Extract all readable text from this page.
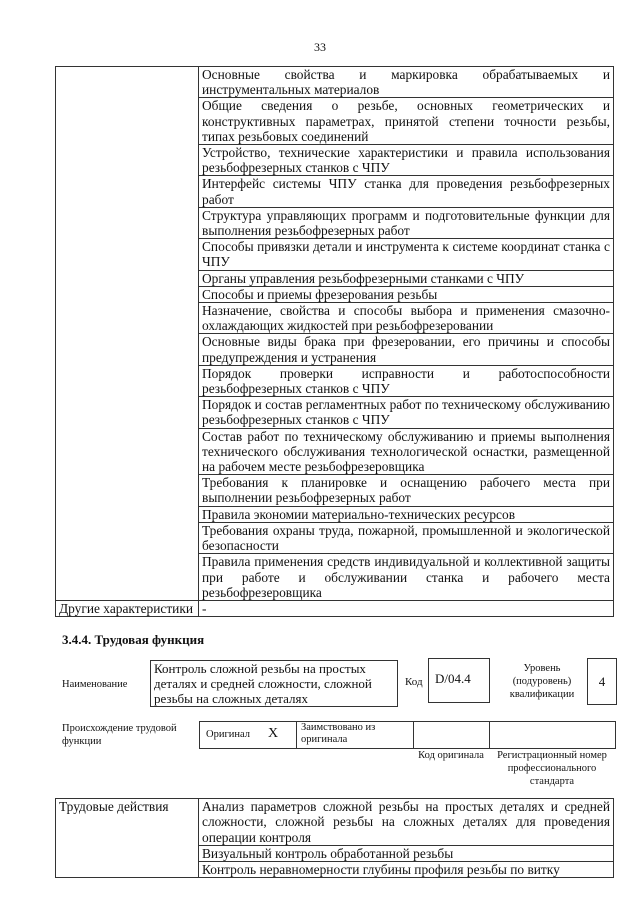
33
	Основные свойства и маркировка обрабатываемых и инструментальных материалов
	Общие сведения о резьбе, основных геометрических и конструктивных параметрах, принятой степени точности резьбы, типах резьбовых соединений
	Устройство, технические характеристики и правила использования резьбофрезерных станков с ЧПУ
	Интерфейс системы ЧПУ станка для проведения резьбофрезерных работ
	Структура управляющих программ и подготовительные функции для выполнения резьбофрезерных работ
	Способы привязки детали и инструмента к системе координат станка с ЧПУ
	Органы управления резьбофрезерными станками с ЧПУ
	Способы и приемы фрезерования резьбы
	Назначение, свойства и способы выбора и применения смазочно-охлаждающих жидкостей при резьбофрезеровании
	Основные виды брака при фрезеровании, его причины и способы предупреждения и устранения
	Порядок проверки исправности и работоспособности резьбофрезерных станков с ЧПУ
	Порядок и состав регламентных работ по техническому обслуживанию резьбофрезерных станков с ЧПУ
	Состав работ по техническому обслуживанию и приемы выполнения технического обслуживания технологической оснастки, размещенной на рабочем месте резьбофрезеровщика
	Требования к планировке и оснащению рабочего места при выполнении резьбофрезерных работ
	Правила экономии материально-технических ресурсов
	Требования охраны труда, пожарной, промышленной и экологической безопасности
	Правила применения средств индивидуальной и коллективной защиты при работе и обслуживании станка и рабочего места резьбофрезеровщика
Другие характеристики	-
3.4.4. Трудовая функция
Наименование
Контроль сложной резьбы на простых деталях и средней сложности, сложной резьбы на сложных деталях
Код D/04.4
Уровень (подуровень) квалификации
4
Происхождение трудовой функции
Оригинал X Заимствовано из оригинала
Код оригинала	Регистрационный номер профессионального стандарта
Трудовые действия	Анализ параметров сложной резьбы на простых деталях и средней сложности, сложной резьбы на сложных деталях для проведения операции контроля
Визуальный контроль обработанной резьбы
Контроль неравномерности глубины профиля резьбы по витку
